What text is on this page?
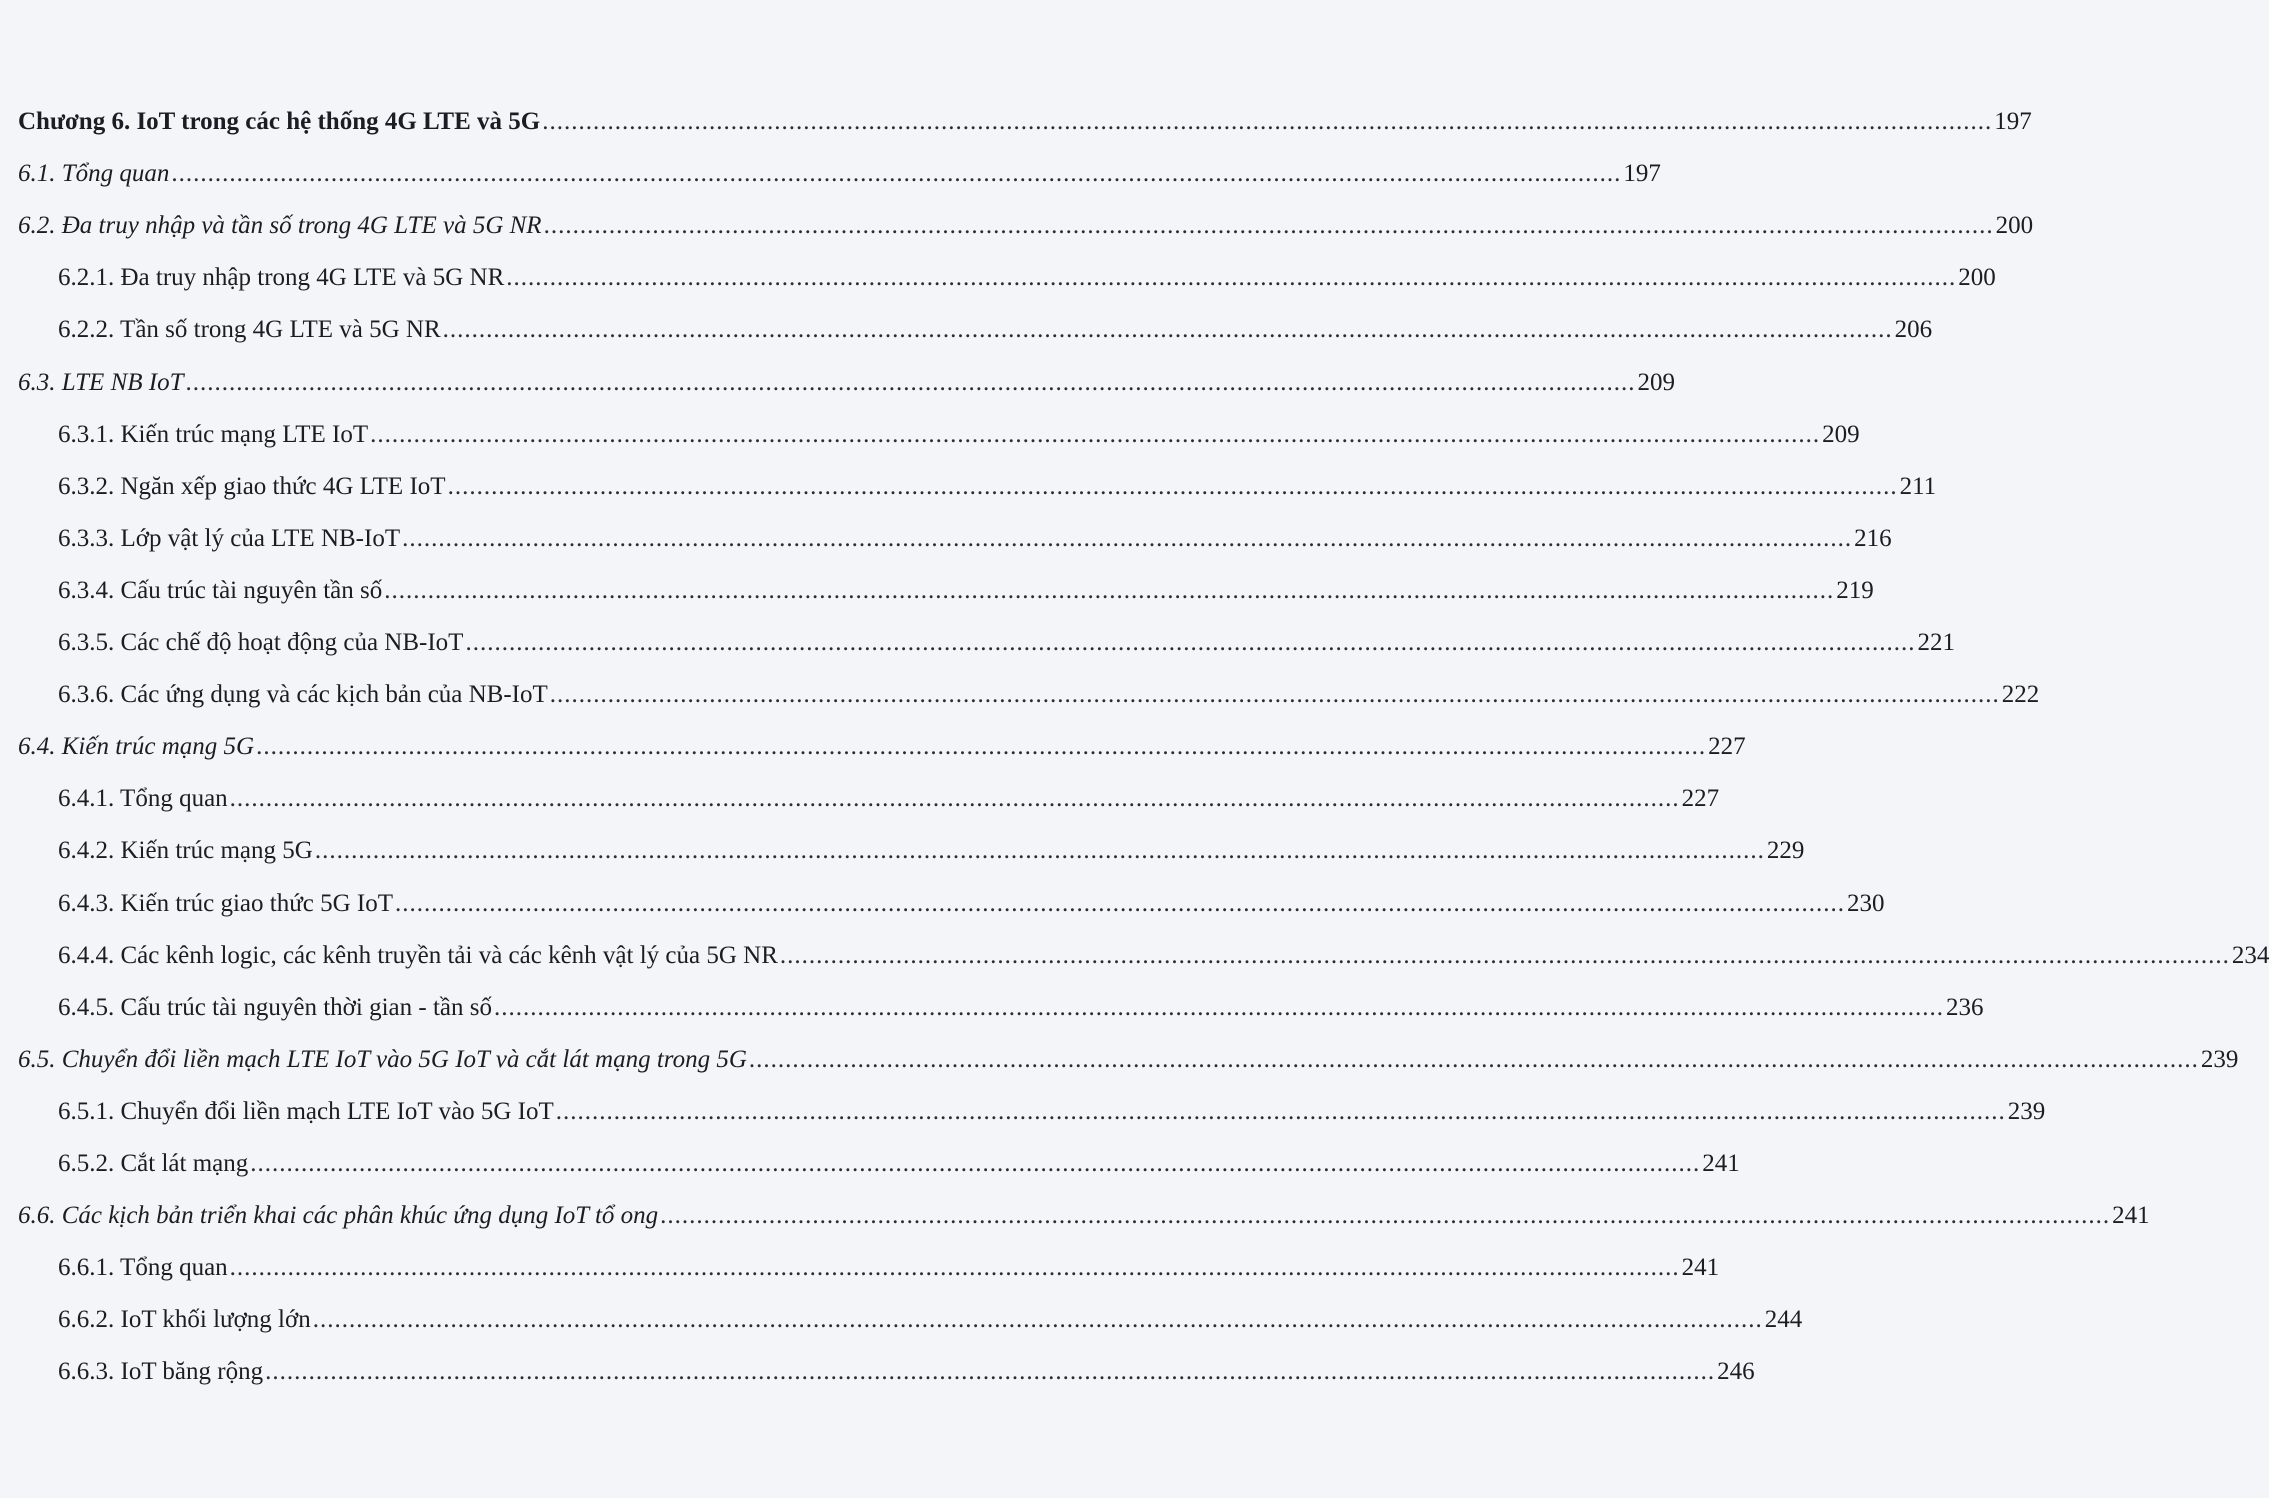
Chương 6. IoT trong các hệ thống 4G LTE và 5G ........................................................................................................................................................................................................ 197
6.1. Tổng quan ........................................................................................................................................................................................................ 197
6.2. Đa truy nhập và tần số trong 4G LTE và 5G NR ........................................................................................................................................................................................................ 200
6.2.1. Đa truy nhập trong 4G LTE và 5G NR ........................................................................................................................................................................................................ 200
6.2.2. Tần số trong 4G LTE và 5G NR ........................................................................................................................................................................................................ 206
6.3. LTE NB IoT ........................................................................................................................................................................................................ 209
6.3.1. Kiến trúc mạng LTE IoT ........................................................................................................................................................................................................ 209
6.3.2. Ngăn xếp giao thức 4G LTE IoT ........................................................................................................................................................................................................ 211
6.3.3. Lớp vật lý của LTE NB-IoT ........................................................................................................................................................................................................ 216
6.3.4. Cấu trúc tài nguyên tần số ........................................................................................................................................................................................................ 219
6.3.5. Các chế độ hoạt động của NB-IoT ........................................................................................................................................................................................................ 221
6.3.6. Các ứng dụng và các kịch bản của NB-IoT ........................................................................................................................................................................................................ 222
6.4. Kiến trúc mạng 5G ........................................................................................................................................................................................................ 227
6.4.1. Tổng quan ........................................................................................................................................................................................................ 227
6.4.2. Kiến trúc mạng 5G ........................................................................................................................................................................................................ 229
6.4.3. Kiến trúc giao thức 5G IoT ........................................................................................................................................................................................................ 230
6.4.4. Các kênh logic, các kênh truyền tải và các kênh vật lý của 5G NR ........................................................................................................................................................................................................ 234
6.4.5. Cấu trúc tài nguyên thời gian - tần số ........................................................................................................................................................................................................ 236
6.5. Chuyển đổi liền mạch LTE IoT vào 5G IoT và cắt lát mạng trong 5G ........................................................................................................................................................................................................ 239
6.5.1. Chuyển đổi liền mạch LTE IoT vào 5G IoT ........................................................................................................................................................................................................ 239
6.5.2. Cắt lát mạng ........................................................................................................................................................................................................ 241
6.6. Các kịch bản triển khai các phân khúc ứng dụng IoT tổ ong ........................................................................................................................................................................................................ 241
6.6.1. Tổng quan ........................................................................................................................................................................................................ 241
6.6.2. IoT khối lượng lớn ........................................................................................................................................................................................................ 244
6.6.3. IoT băng rộng ........................................................................................................................................................................................................ 246
